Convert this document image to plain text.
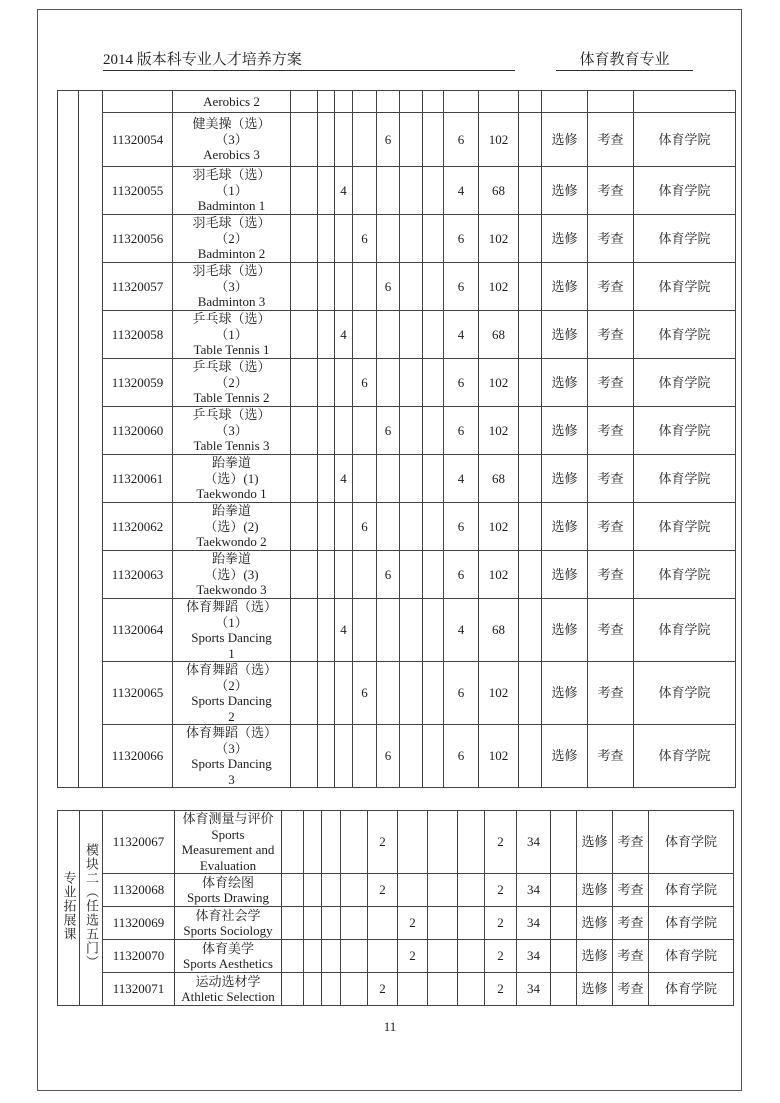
2014 版本科专业人才培养方案	体育教育专业

			Aerobics 2													

		11320054	健美操（选）
（3）
Aerobics 3					6			6	102		选修	考查	体育学院
		11320055	羽毛球（选）
（1）
Badminton 1			4					4	68		选修	考查	体育学院
		11320056	羽毛球（选）
（2）
Badminton 2				6				6	102		选修	考查	体育学院
		11320057	羽毛球（选）
（3）
Badminton 3					6			6	102		选修	考查	体育学院
		11320058	乒乓球（选）
（1）
Table Tennis 1			4					4	68		选修	考查	体育学院
		11320059	乒乓球（选）
（2）
Table Tennis 2				6				6	102		选修	考查	体育学院
		11320060	乒乓球（选）
（3）
Table Tennis 3					6			6	102		选修	考查	体育学院
		11320061	跆拳道
（选）(1)
Taekwondo 1			4					4	68		选修	考查	体育学院
		11320062	跆拳道
（选）(2)
Taekwondo 2				6				6	102		选修	考查	体育学院
		11320063	跆拳道
（选）(3)
Taekwondo 3					6			6	102		选修	考查	体育学院
		11320064	体育舞蹈（选）
（1）
Sports Dancing
1			4					4	68		选修	考查	体育学院
		11320065	体育舞蹈（选）
（2）
Sports Dancing
2				6				6	102		选修	考查	体育学院
		11320066	体育舞蹈（选）
（3）
Sports Dancing
3					6			6	102		选修	考查	体育学院
专业拓展课	模块二（任选五门）	11320067	体育测量与评价
Sports
Measurement and
Evaluation					2				2	34		选修	考查	体育学院
		11320068	体育绘图
Sports Drawing					2				2	34		选修	考查	体育学院
		11320069	体育社会学
Sports Sociology						2			2	34		选修	考查	体育学院
		11320070	体育美学
Sports Aesthetics						2			2	34		选修	考查	体育学院
		11320071	运动选材学
Athletic Selection					2				2	34		选修	考查	体育学院
11
